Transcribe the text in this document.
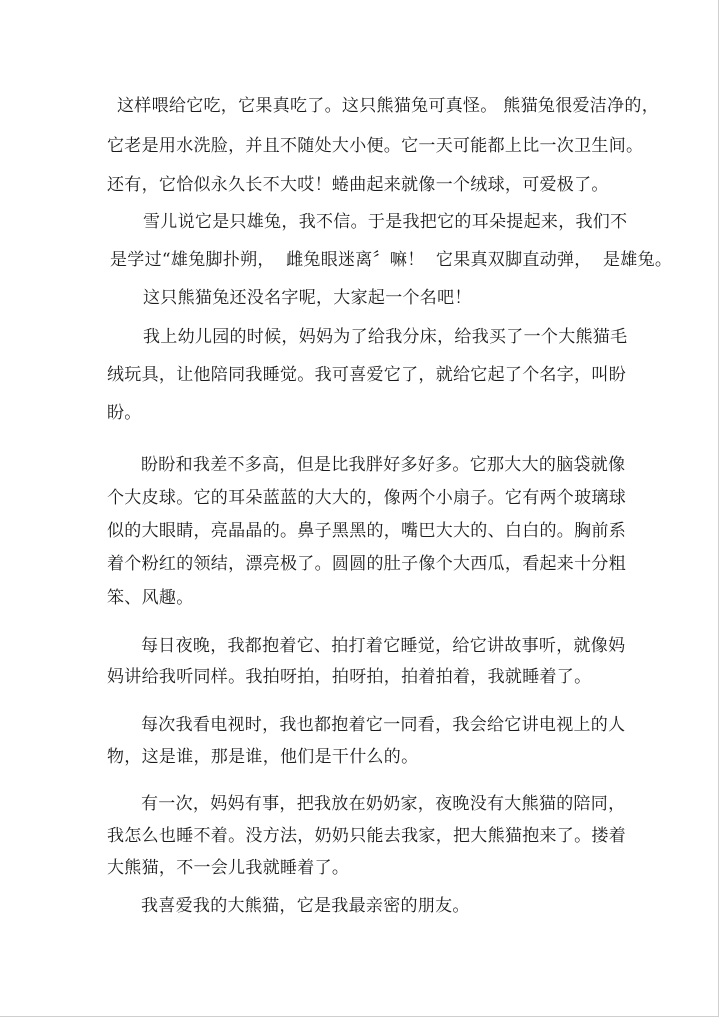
这样喂给它吃，它果真吃了。这只熊猫兔可真怪。 熊猫兔很爱洁净的，
它老是用水洗脸，并且不随处大小便。它一天可能都上比一次卫生间。
还有，它恰似永久长不大哎！蜷曲起来就像一个绒球，可爱极了。
雪儿说它是只雄兔，我不信。于是我把它的耳朵提起来，我们不
是学过“雄兔脚扑朔，  雌兔眼迷离〞嘛！  它果真双脚直动弹，  是雄兔。
这只熊猫兔还没名字呢，大家起一个名吧！
我上幼儿园的时候，妈妈为了给我分床，给我买了一个大熊猫毛
绒玩具，让他陪同我睡觉。我可喜爱它了，就给它起了个名字，叫盼
盼。
盼盼和我差不多高，但是比我胖好多好多。它那大大的脑袋就像
个大皮球。它的耳朵蓝蓝的大大的，像两个小扇子。它有两个玻璃球
似的大眼睛，亮晶晶的。鼻子黑黑的，嘴巴大大的、白白的。胸前系
着个粉红的领结，漂亮极了。圆圆的肚子像个大西瓜，看起来十分粗
笨、风趣。
每日夜晚，我都抱着它、拍打着它睡觉，给它讲故事听，就像妈
妈讲给我听同样。我拍呀拍，拍呀拍，拍着拍着，我就睡着了。
每次我看电视时，我也都抱着它一同看，我会给它讲电视上的人
物，这是谁，那是谁，他们是干什么的。
有一次，妈妈有事，把我放在奶奶家，夜晚没有大熊猫的陪同，
我怎么也睡不着。没方法，奶奶只能去我家，把大熊猫抱来了。搂着
大熊猫，不一会儿我就睡着了。
我喜爱我的大熊猫，它是我最亲密的朋友。
